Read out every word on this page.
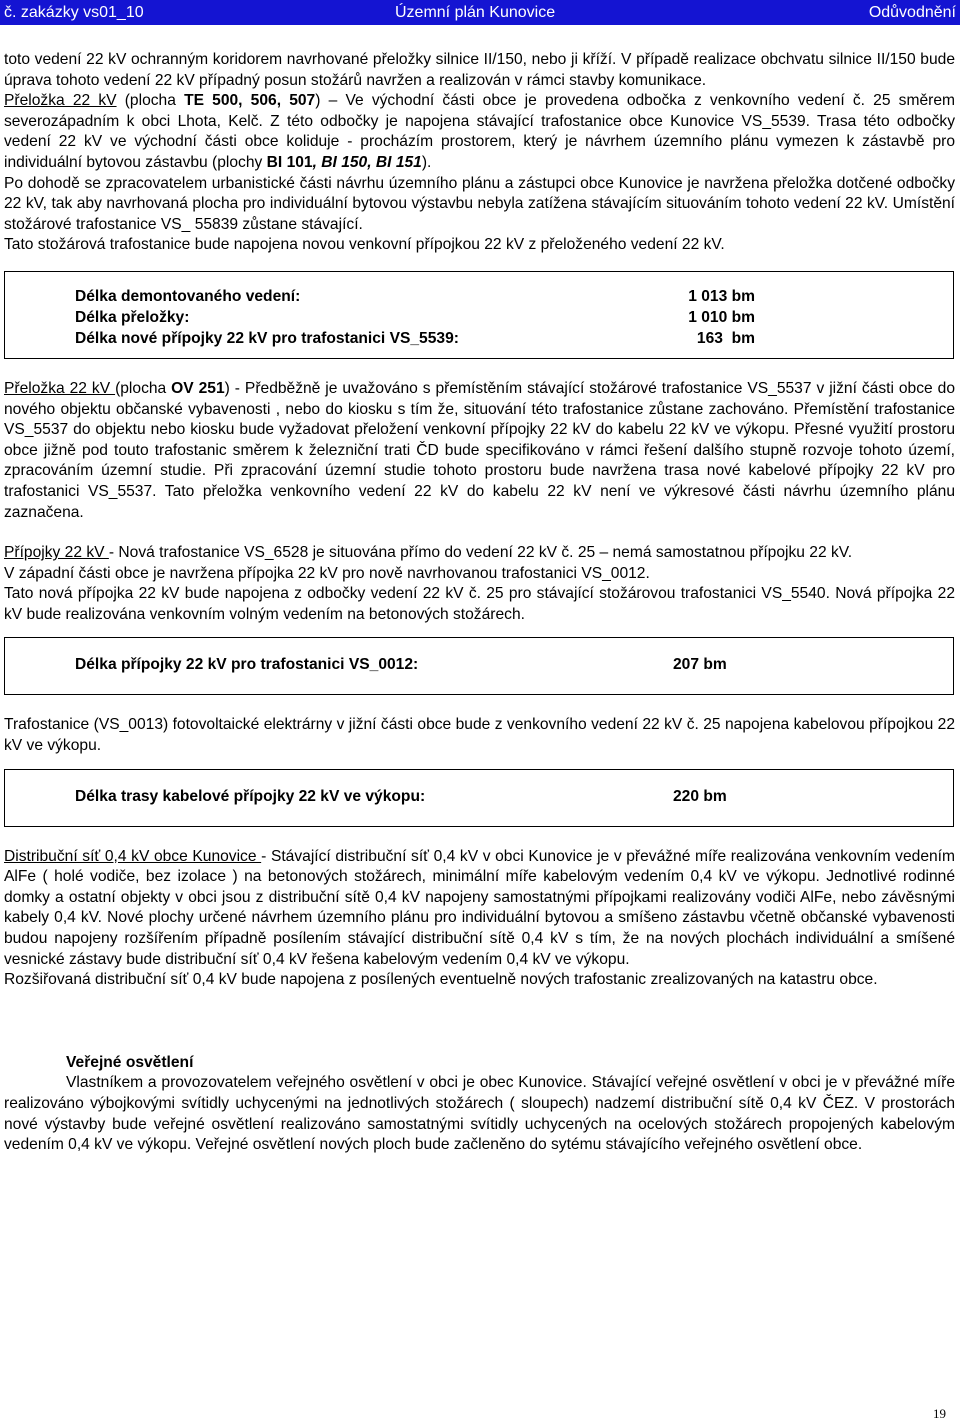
č. zakázky vs01_10	Územní plán Kunovice	Odůvodnění

toto vedení 22 kV ochranným koridorem navrhované přeložky silnice II/150, nebo ji kříží. V případě realizace obchvatu silnice II/150 bude úprava tohoto vedení 22 kV případný posun stožárů navržen a realizován v rámci stavby komunikace.

Přeložka 22 kV (plocha TE 500, 506, 507) – Ve východní části obce je provedena odbočka z venkovního vedení č. 25 směrem severozápadním k obci Lhota, Kelč. Z této odbočky je napojena stávající trafostanice obce Kunovice VS_5539. Trasa této odbočky vedení 22 kV ve východní části obce koliduje - procházím prostorem, který je návrhem územního plánu vymezen k zástavbě pro individuální bytovou zástavbu (plochy BI 101, BI 150, BI 151).

Po dohodě se zpracovatelem urbanistické části návrhu územního plánu a zástupci obce Kunovice je navržena přeložka dotčené odbočky 22 kV, tak aby navrhovaná plocha pro individuální bytovou výstavbu nebyla zatížena stávajícím situováním tohoto vedení 22 kV. Umístění stožárové trafostanice VS_ 55839 zůstane stávající.

Tato stožárová trafostanice bude napojena novou venkovní přípojkou 22 kV z přeloženého vedení 22 kV.

Délka demontovaného vedení:	1 013 bm
Délka přeložky:	1 010 bm
Délka nové přípojky 22 kV pro trafostanici VS_5539:	163  bm

Přeložka 22 kV (plocha OV 251) - Předběžně je uvažováno s přemístěním stávající stožárové trafostanice VS_5537 v jižní části obce do nového objektu občanské vybavenosti , nebo do kiosku s tím že, situování této trafostanice zůstane zachováno. Přemístění trafostanice VS_5537 do objektu nebo kiosku bude vyžadovat přeložení venkovní přípojky 22 kV do kabelu 22 kV ve výkopu. Přesné využití prostoru obce jižně pod touto trafostanic směrem k železniční trati ČD bude specifikováno v rámci řešení dalšího stupně rozvoje tohoto území, zpracováním územní studie. Při zpracování územní studie tohoto prostoru bude navržena trasa nové kabelové přípojky 22 kV pro trafostanici VS_5537. Tato přeložka venkovního vedení 22 kV do kabelu 22 kV není ve výkresové části návrhu územního plánu zaznačena.

Přípojky 22 kV - Nová trafostanice VS_6528 je situována přímo do vedení 22 kV č. 25 – nemá samostatnou přípojku 22 kV.

V západní části obce je navržena přípojka 22 kV pro nově navrhovanou trafostanici VS_0012.

Tato nová přípojka 22 kV bude napojena z odbočky vedení 22 kV č. 25 pro stávající stožárovou trafostanici VS_5540. Nová přípojka 22 kV bude realizována venkovním volným vedením na betonových stožárech.

Délka přípojky 22 kV pro trafostanici VS_0012:	207 bm

Trafostanice (VS_0013) fotovoltaické elektrárny v jižní části obce bude z venkovního vedení 22 kV č. 25 napojena kabelovou přípojkou 22 kV ve výkopu.

Délka trasy kabelové přípojky 22 kV ve výkopu:	220 bm

Distribuční síť 0,4 kV obce Kunovice - Stávající distribuční síť 0,4 kV v obci Kunovice je v převážné míře realizována venkovním vedením AlFe ( holé vodiče, bez izolace ) na betonových stožárech, minimální míře kabelovým vedením 0,4 kV ve výkopu. Jednotlivé rodinné domky a ostatní objekty v obci jsou z distribuční sítě 0,4 kV napojeny samostatnými přípojkami realizovány vodiči AlFe, nebo závěsnými kabely 0,4 kV. Nové plochy určené návrhem územního plánu pro individuální bytovou a smíšeno zástavbu včetně občanské vybavenosti budou napojeny rozšířením případně posílením stávající distribuční sítě 0,4 kV s tím, že na nových plochách individuální a smíšené vesnické zástavy bude distribuční síť 0,4 kV řešena kabelovým vedením 0,4 kV ve výkopu.

Rozšiřovaná distribuční síť 0,4 kV bude napojena z posílených eventuelně nových trafostanic zrealizovaných na katastru obce.

Veřejné osvětlení

Vlastníkem a provozovatelem veřejného osvětlení v obci je obec Kunovice. Stávající veřejné osvětlení v obci je v převážné míře realizováno výbojkovými svítidly uchycenými na jednotlivých stožárech ( sloupech) nadzemí distribuční sítě 0,4 kV ČEZ. V prostorách nové výstavby bude veřejné osvětlení realizováno samostatnými svítidly uchycených na ocelových stožárech propojených kabelovým vedením 0,4 kV ve výkopu. Veřejné osvětlení nových ploch bude začleněno do sytému stávajícího veřejného osvětlení obce.

19
